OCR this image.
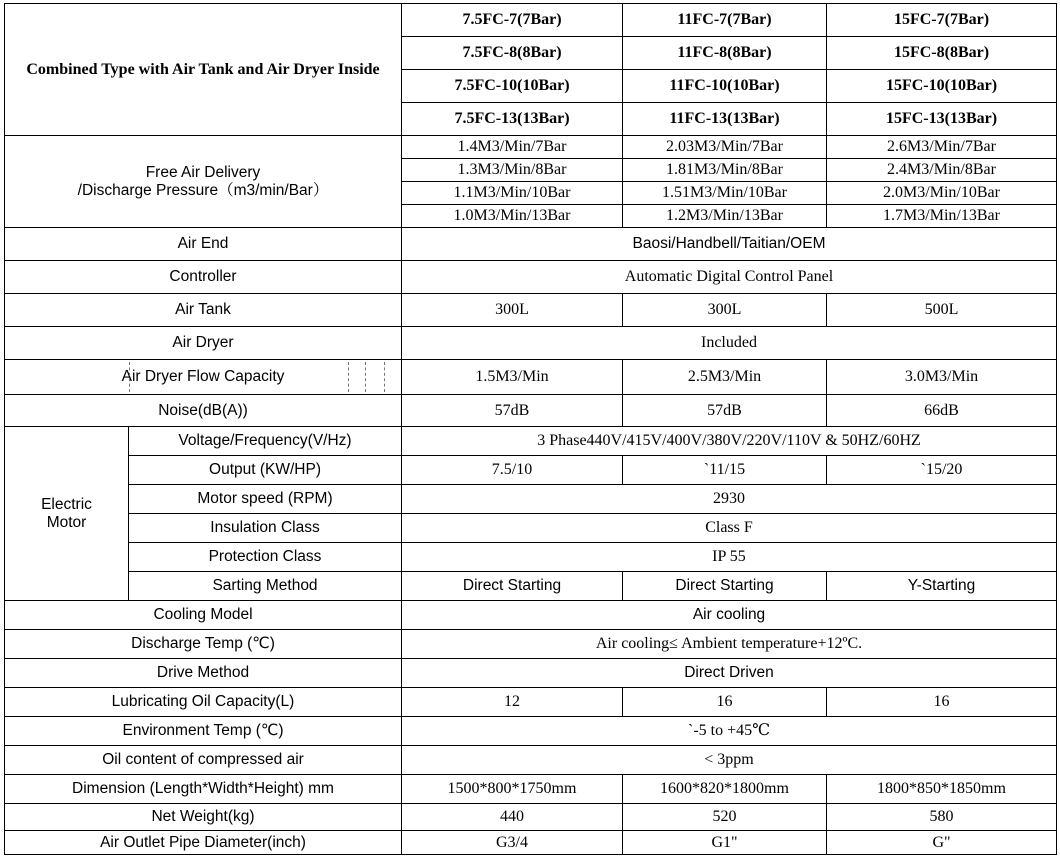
Combined Type with Air Tank and Air Dryer Inside		7.5FC-7(7Bar)	11FC-7(7Bar)	15FC-7(7Bar)
		7.5FC-8(8Bar)	11FC-8(8Bar)	15FC-8(8Bar)
		7.5FC-10(10Bar)	11FC-10(10Bar)	15FC-10(10Bar)
		7.5FC-13(13Bar)	11FC-13(13Bar)	15FC-13(13Bar)

Free Air Delivery
/Discharge Pressure（m3/min/Bar）		1.4M3/Min/7Bar	2.03M3/Min/7Bar	2.6M3/Min/7Bar
		1.3M3/Min/8Bar	1.81M3/Min/8Bar	2.4M3/Min/8Bar
		1.1M3/Min/10Bar	1.51M3/Min/10Bar	2.0M3/Min/10Bar
		1.0M3/Min/13Bar	1.2M3/Min/13Bar	1.7M3/Min/13Bar
Air End		Baosi/Handbell/Taitian/OEM		
Controller		Automatic Digital Control Panel		
Air Tank		300L	300L	500L
Air Dryer		Included		
Air Dryer Flow Capacity		1.5M3/Min	2.5M3/Min	3.0M3/Min
Noise(dB(A))		57dB	57dB	66dB

Electric
Motor	Voltage/Frequency(V/Hz)	3 Phase440V/415V/400V/380V/220V/110V & 50HZ/60HZ		
	Output (KW/HP)	7.5/10	`11/15	`15/20
	Motor speed (RPM)	2930		
	Insulation Class	Class F		
	Protection Class	IP 55		
	Sarting Method	Direct Starting	Direct Starting	Y-Starting
Cooling Model		Air cooling		
Discharge Temp (℃)		Air cooling≤ Ambient temperature+12ºC.		
Drive Method		Direct Driven		
Lubricating Oil Capacity(L)		12	16	16
Environment Temp (℃)		`-5 to +45℃		
Oil content of compressed air		< 3ppm		
Dimension (Length*Width*Height) mm		1500*800*1750mm	1600*820*1800mm	1800*850*1850mm
Net Weight(kg)		440	520	580
Air Outlet Pipe Diameter(inch)		G3/4	G1"	G"
